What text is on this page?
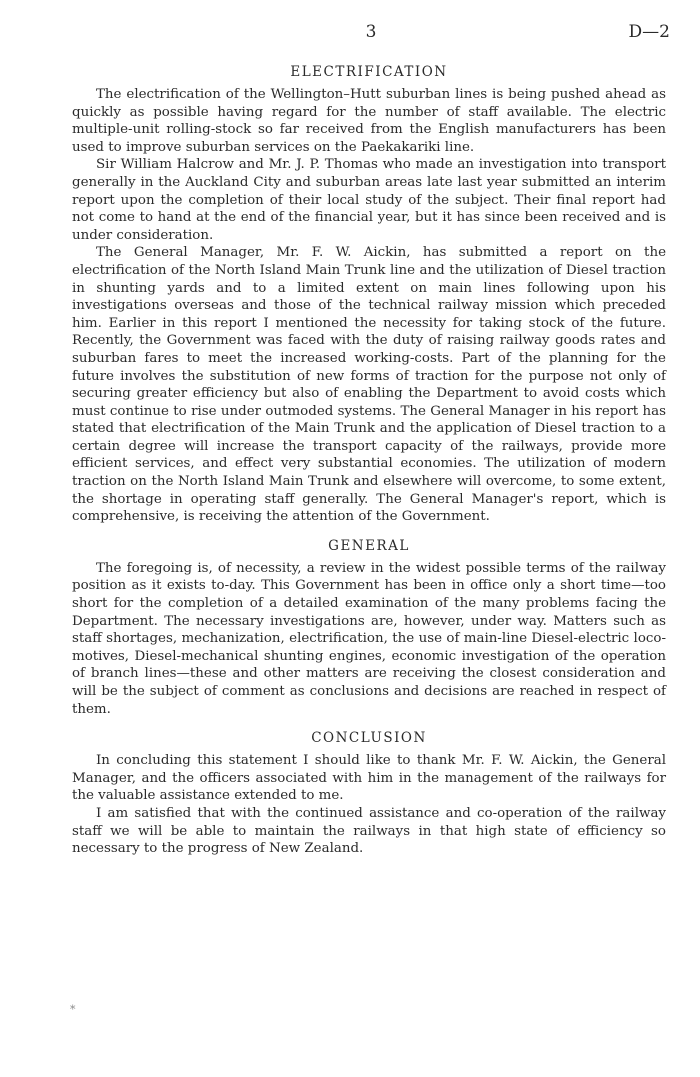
3	D—2
ELECTRIFICATION

The electrification of the Wellington–Hutt suburban lines is being pushed ahead as quickly as possible having regard for the number of staff available. The electric multiple-unit rolling-stock so far received from the English manufacturers has been used to improve suburban services on the Paekakariki line.

Sir William Halcrow and Mr. J. P. Thomas who made an investigation into transport generally in the Auckland City and suburban areas late last year submitted an interim report upon the completion of their local study of the subject. Their final report had not come to hand at the end of the financial year, but it has since been received and is under consideration.

The General Manager, Mr. F. W. Aickin, has submitted a report on the electrification of the North Island Main Trunk line and the utilization of Diesel traction in shunting yards and to a limited extent on main lines following upon his investigations overseas and those of the technical railway mission which preceded him. Earlier in this report I mentioned the necessity for taking stock of the future. Recently, the Government was faced with the duty of raising railway goods rates and suburban fares to meet the increased working-costs. Part of the planning for the future involves the substitution of new forms of traction for the purpose not only of securing greater efficiency but also of enabling the Department to avoid costs which must continue to rise under outmoded systems. The General Manager in his report has stated that electrification of the Main Trunk and the application of Diesel traction to a certain degree will increase the transport capacity of the railways, provide more efficient services, and effect very substantial economies. The utilization of modern traction on the North Island Main Trunk and elsewhere will overcome, to some extent, the shortage in operating staff generally. The General Manager's report, which is comprehensive, is receiving the attention of the Government.

GENERAL

The foregoing is, of necessity, a review in the widest possible terms of the railway position as it exists to-day. This Government has been in office only a short time—too short for the completion of a detailed examination of the many problems facing the Department. The necessary investigations are, however, under way. Matters such as staff shortages, mechanization, electrification, the use of main-line Diesel-electric loco-motives, Diesel-mechanical shunting engines, economic investigation of the operation of branch lines—these and other matters are receiving the closest consideration and will be the subject of comment as conclusions and decisions are reached in respect of them.

CONCLUSION

In concluding this statement I should like to thank Mr. F. W. Aickin, the General Manager, and the officers associated with him in the management of the railways for the valuable assistance extended to me.

I am satisfied that with the continued assistance and co-operation of the railway staff we will be able to maintain the railways in that high state of efficiency so necessary to the progress of New Zealand.

*
